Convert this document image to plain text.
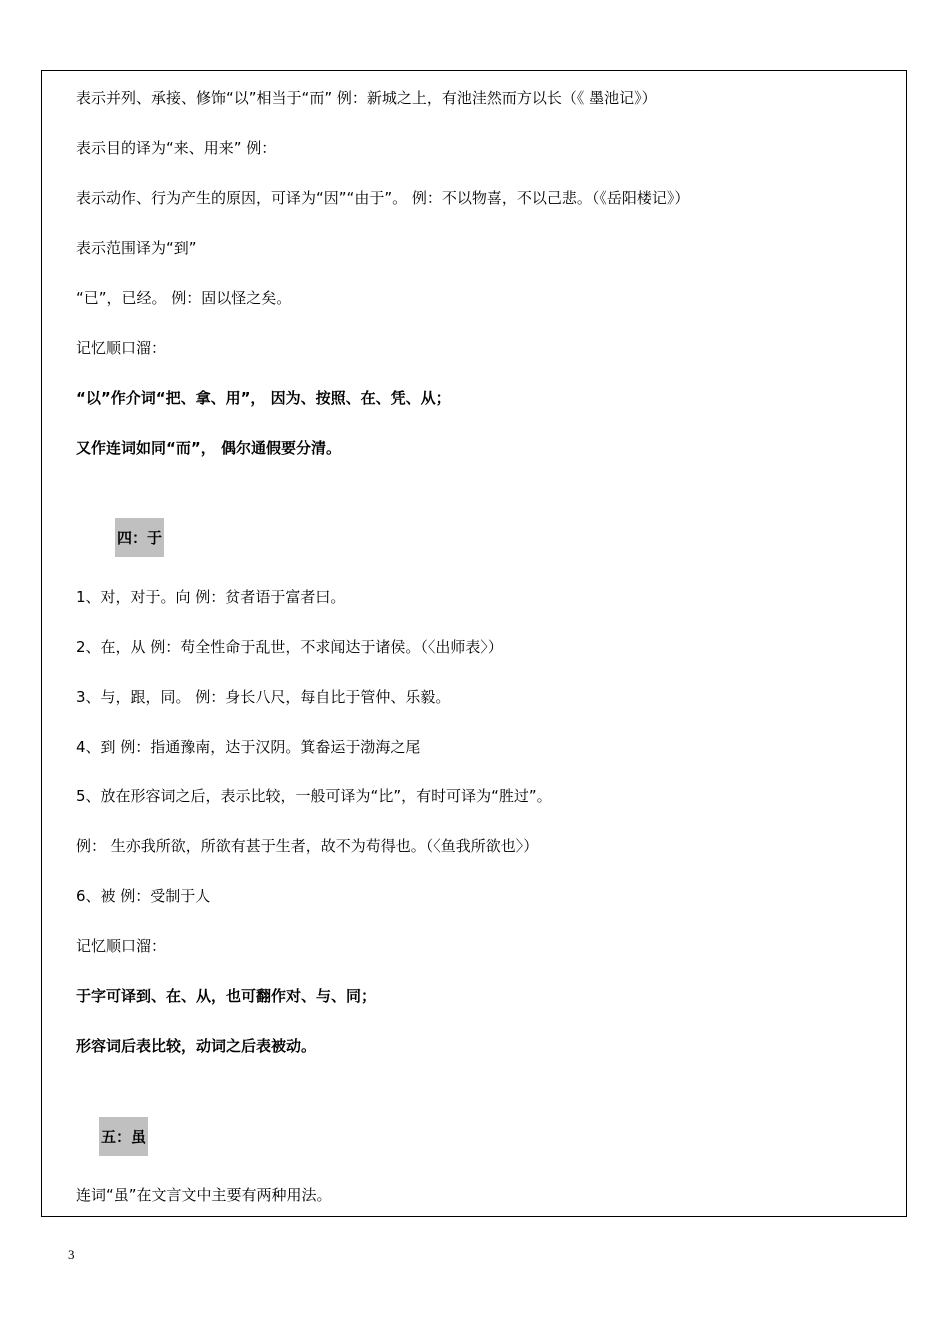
表示并列、承接、修饰“以”相当于“而” 例：新城之上，有池洼然而方以长（《 墨池记》）
表示目的译为“来、用来” 例：
表示动作、行为产生的原因，可译为“因”“由于”。 例：不以物喜，不以己悲。（《岳阳楼记》）
表示范围译为“到”
“已”，已经。 例：固以怪之矣。
记忆顺口溜：
“以”作介词“把、拿、用”， 因为、按照、在、凭、从；
又作连词如同“而”， 偶尔通假要分清。
四：于
1、对，对于。向 例：贫者语于富者曰。
2、在，从 例：苟全性命于乱世，不求闻达于诸侯。（〈出师表〉）
3、与，跟，同。 例：身长八尺，每自比于管仲、乐毅。
4、到 例：指通豫南，达于汉阴。箕畚运于渤海之尾
5、放在形容词之后，表示比较，一般可译为“比”，有时可译为“胜过”。
例： 生亦我所欲，所欲有甚于生者，故不为苟得也。（〈鱼我所欲也〉）
6、被 例：受制于人
记忆顺口溜：
于字可译到、在、从，也可翻作对、与、同；
形容词后表比较，动词之后表被动。
五：虽
连词“虽”在文言文中主要有两种用法。
3
